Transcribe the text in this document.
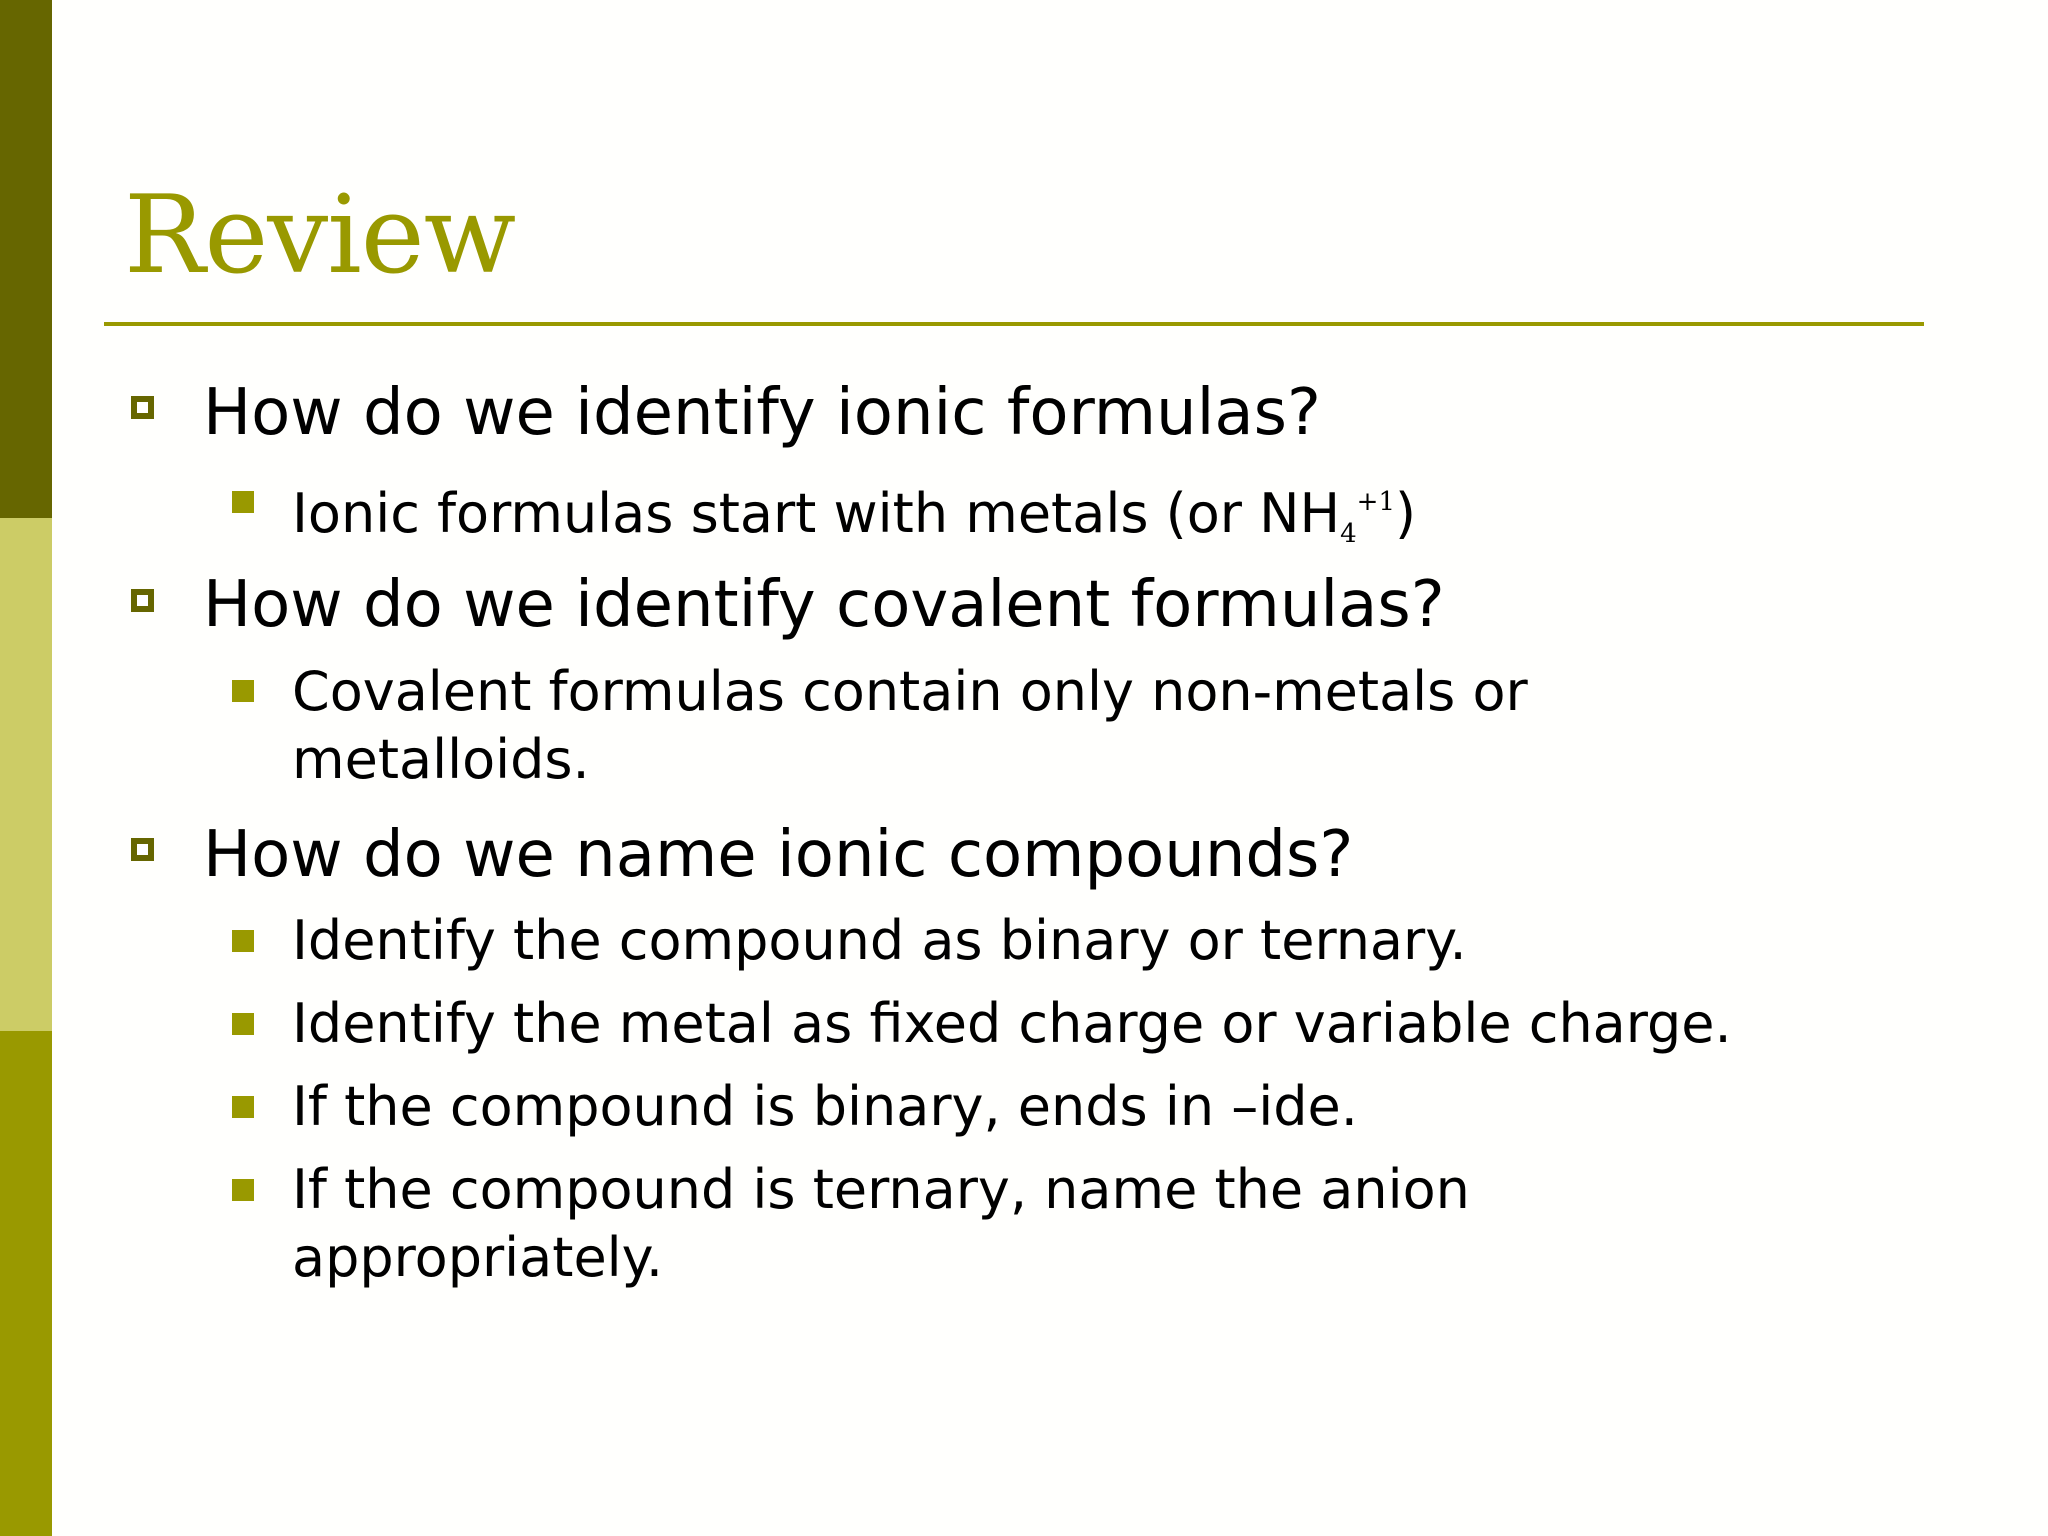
Review
How do we identify ionic formulas?
Ionic formulas start with metals (or $NH_4^{+1}$)
How do we identify covalent formulas?
Covalent formulas contain only non-metals or
metalloids.
How do we name ionic compounds?
Identify the compound as binary or ternary.
Identify the metal as fixed charge or variable charge.
If the compound is binary, ends in –ide.
If the compound is ternary, name the anion
appropriately.
